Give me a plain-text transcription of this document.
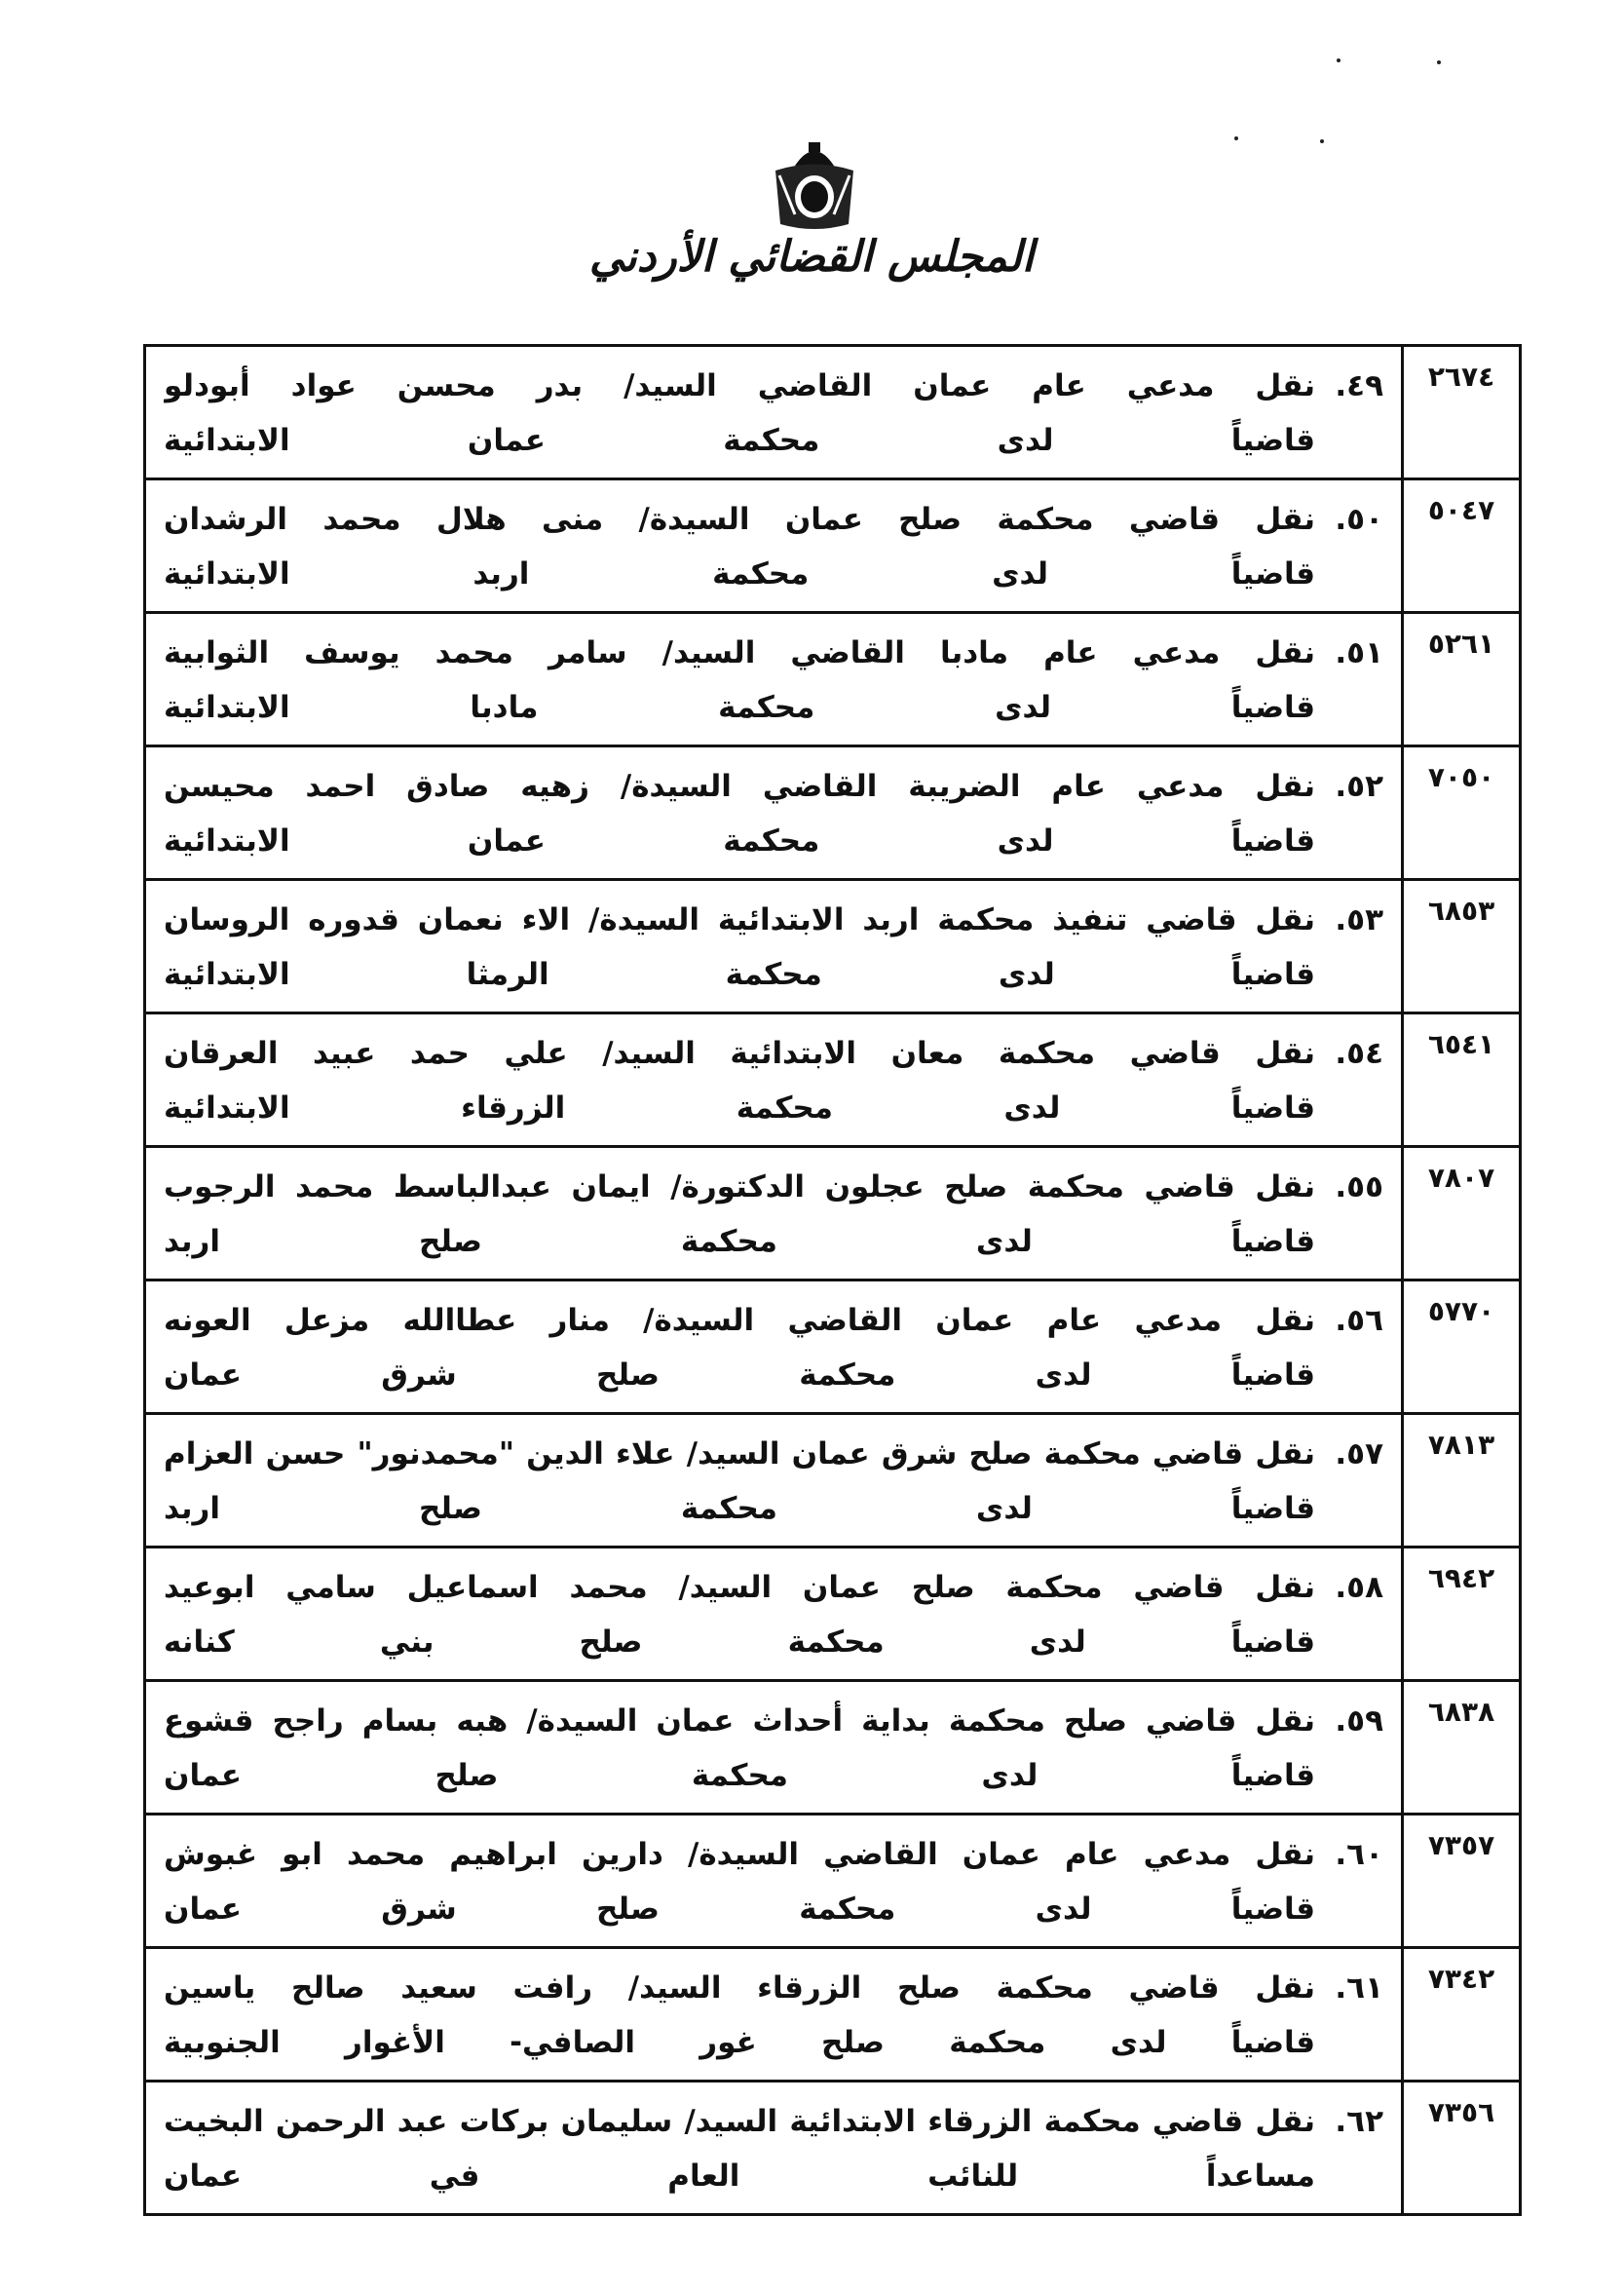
المجلس القضائي الأردني
٢٦٧٤	٤٩.
نقل مدعي عام عمان القاضي السيد/ بدر محسن عواد أبودلو
قاضياً لدى محكمة عمان الابتدائية

٥٠٤٧	٥٠.
نقل قاضي محكمة صلح عمان السيدة/ منى هلال محمد الرشدان
قاضياً لدى محكمة اربد الابتدائية

٥٢٦١	٥١.
نقل مدعي عام مادبا القاضي السيد/ سامر محمد يوسف الثوابية
قاضياً لدى محكمة مادبا الابتدائية

٧٠٥٠	٥٢.
نقل مدعي عام الضريبة القاضي السيدة/ زهيه صادق احمد محيسن
قاضياً لدى محكمة عمان الابتدائية

٦٨٥٣	٥٣.
نقل قاضي تنفيذ محكمة اربد الابتدائية السيدة/ الاء نعمان قدوره الروسان
قاضياً لدى محكمة الرمثا الابتدائية

٦٥٤١	٥٤.
نقل قاضي محكمة معان الابتدائية السيد/ علي حمد عبيد العرقان
قاضياً لدى محكمة الزرقاء الابتدائية

٧٨٠٧	٥٥.
نقل قاضي محكمة صلح عجلون الدكتورة/ ايمان عبدالباسط محمد الرجوب
قاضياً لدى محكمة صلح اربد

٥٧٧٠	٥٦.
نقل مدعي عام عمان القاضي السيدة/ منار عطاالله مزعل العونه
قاضياً لدى محكمة صلح شرق عمان

٧٨١٣	٥٧.
نقل قاضي محكمة صلح شرق عمان السيد/ علاء الدين "محمدنور" حسن العزام
قاضياً لدى محكمة صلح اربد

٦٩٤٢	٥٨.
نقل قاضي محكمة صلح عمان السيد/ محمد اسماعيل سامي ابوعيد
قاضياً لدى محكمة صلح بني كنانه

٦٨٣٨	٥٩.
نقل قاضي صلح محكمة بداية أحداث عمان السيدة/ هبه بسام راجح قشوع
قاضياً لدى محكمة صلح عمان

٧٣٥٧	٦٠.
نقل مدعي عام عمان القاضي السيدة/ دارين ابراهيم محمد ابو غبوش
قاضياً لدى محكمة صلح شرق عمان

٧٣٤٢	٦١.
نقل قاضي محكمة صلح الزرقاء السيد/ رافت سعيد صالح ياسين
قاضياً لدى محكمة صلح غور الصافي- الأغوار الجنوبية

٧٣٥٦	٦٢.
نقل قاضي محكمة الزرقاء الابتدائية السيد/ سليمان بركات عبد الرحمن البخيت
مساعداً للنائب العام في عمان
